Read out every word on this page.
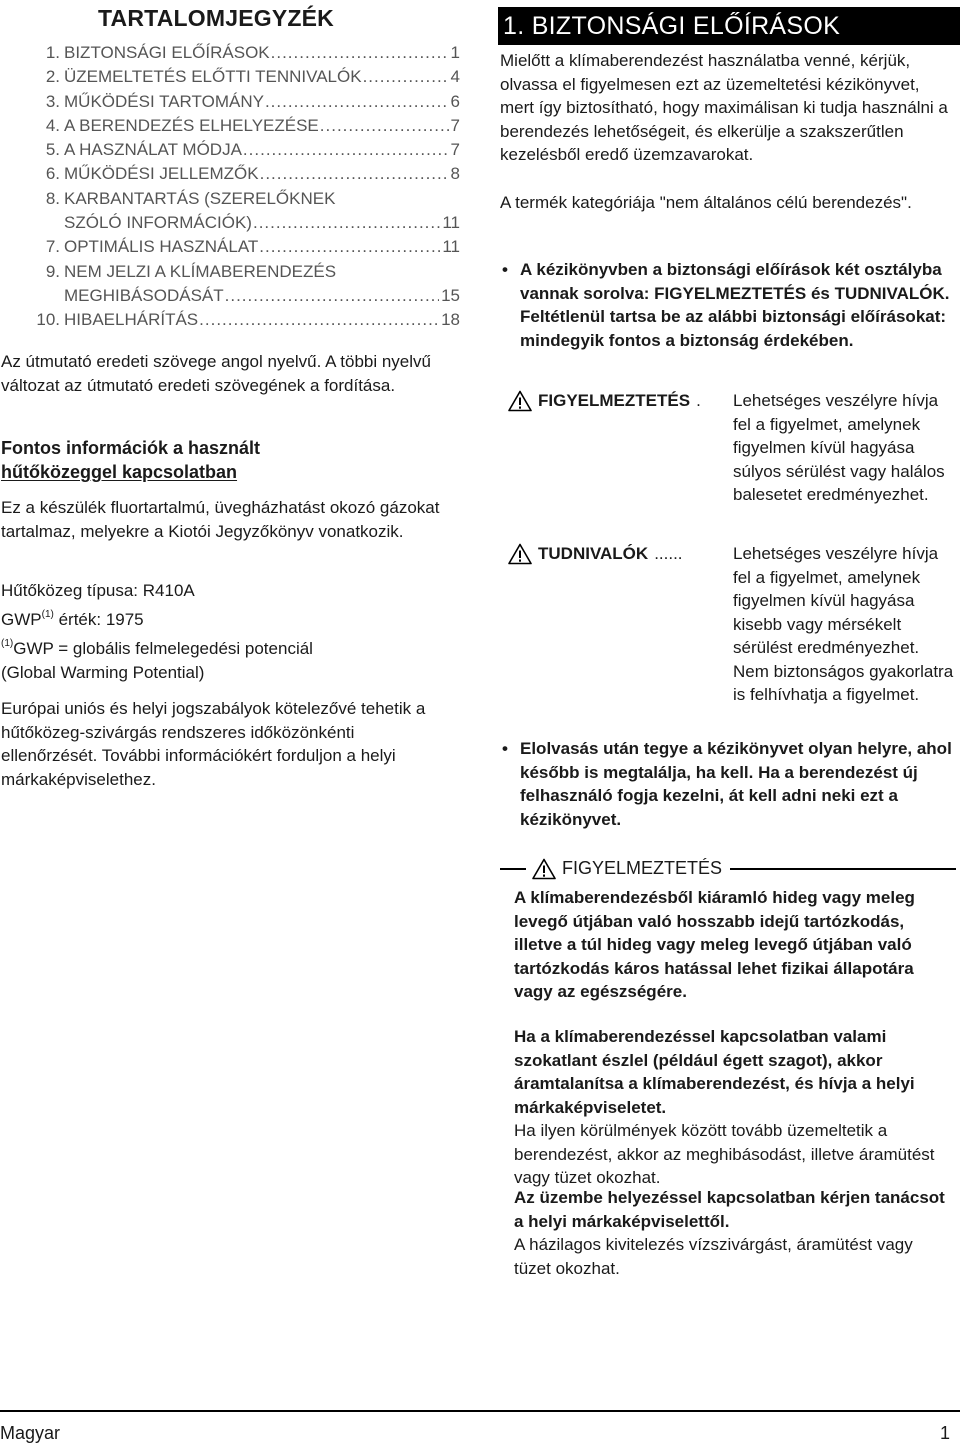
TARTALOMJEGYZÉK
1. BIZTONSÁGI ELŐÍRÁSOK .....	1
2. ÜZEMELTETÉS ELŐTTI TENNIVALÓK .....	4
3. MŰKÖDÉSI TARTOMÁNY .....	6
4. A BERENDEZÉS ELHELYEZÉSE .....	7
5. A HASZNÁLAT MÓDJA .....	7
6. MŰKÖDÉSI JELLEMZŐK .....	8
8. KARBANTARTÁS (SZERELŐKNEK
SZÓLÓ INFORMÁCIÓK) .....	11
7. OPTIMÁLIS HASZNÁLAT .....	11
9. NEM JELZI A KLÍMABERENDEZÉS
MEGHIBÁSODÁSÁT .....	15
10. HIBAELHÁRÍTÁS .....	18

Az útmutató eredeti szövege angol nyelvű. A többi nyelvű változat az útmutató eredeti szövegének a fordítása.

Fontos információk a használt
hűtőközeggel kapcsolatban

Ez a készülék fluortartalmú, üvegházhatást okozó gázokat tartalmaz, melyekre a Kiotói Jegyzőkönyv vonatkozik.

Hűtőközeg típusa: R410A

GWP$^{(1)}$ érték: 1975

$^{(1)}$GWP = globális felmelegedési potenciál
(Global Warming Potential)

Európai uniós és helyi jogszabályok kötelezővé tehetik a hűtőközeg-szivárgás rendszeres időközönkénti ellenőrzését. További információkért forduljon a helyi márkaképviselethez.

1. BIZTONSÁGI ELŐÍRÁSOK

Mielőtt a klímaberendezést használatba venné, kérjük, olvassa el figyelmesen ezt az üzemeltetési kézikönyvet, mert így biztosítható, hogy maximálisan ki tudja használni a berendezés lehetőségeit, és elkerülje a szakszerűtlen kezelésből eredő üzemzavarokat.

A termék kategóriája "nem általános célú berendezés".

• A kézikönyvben a biztonsági előírások két osztályba vannak sorolva: FIGYELMEZTETÉS és TUDNIVALÓK. Feltétlenül tartsa be az alábbi biztonsági előírásokat: mindegyik fontos a biztonság érdekében.
FIGYELMEZTETÉS . Lehetséges veszélyre hívja fel a figyelmet, amelynek figyelmen kívül hagyása súlyos sérülést vagy halálos balesetet eredményezhet.

TUDNIVALÓK ......	Lehetséges veszélyre hívja fel a figyelmet, amelynek figyelmen kívül hagyása kisebb vagy mérsékelt sérülést eredményezhet. Nem biztonságos gyakorlatra is felhívhatja a figyelmet.

• Elolvasás után tegye a kézikönyvet olyan helyre, ahol később is megtalálja, ha kell. Ha a berendezést új felhasználó fogja kezelni, át kell adni neki ezt a kézikönyvet.
FIGYELMEZTETÉS

A klímaberendezésből kiáramló hideg vagy meleg levegő útjában való hosszabb idejű tartózkodás, illetve a túl hideg vagy meleg levegő útjában való tartózkodás káros hatással lehet fizikai állapotára vagy az egészségére.

Ha a klímaberendezéssel kapcsolatban valami szokatlant észlel (például égett szagot), akkor áramtalanítsa a klímaberendezést, és hívja a helyi márkaképviseletet.

Ha ilyen körülmények között tovább üzemeltetik a berendezést, akkor az meghibásodást, illetve áramütést vagy tüzet okozhat.

Az üzembe helyezéssel kapcsolatban kérjen tanácsot a helyi márkaképviselettől.

A házilagos kivitelezés vízszivárgást, áramütést vagy tüzet okozhat.

Magyar	1
